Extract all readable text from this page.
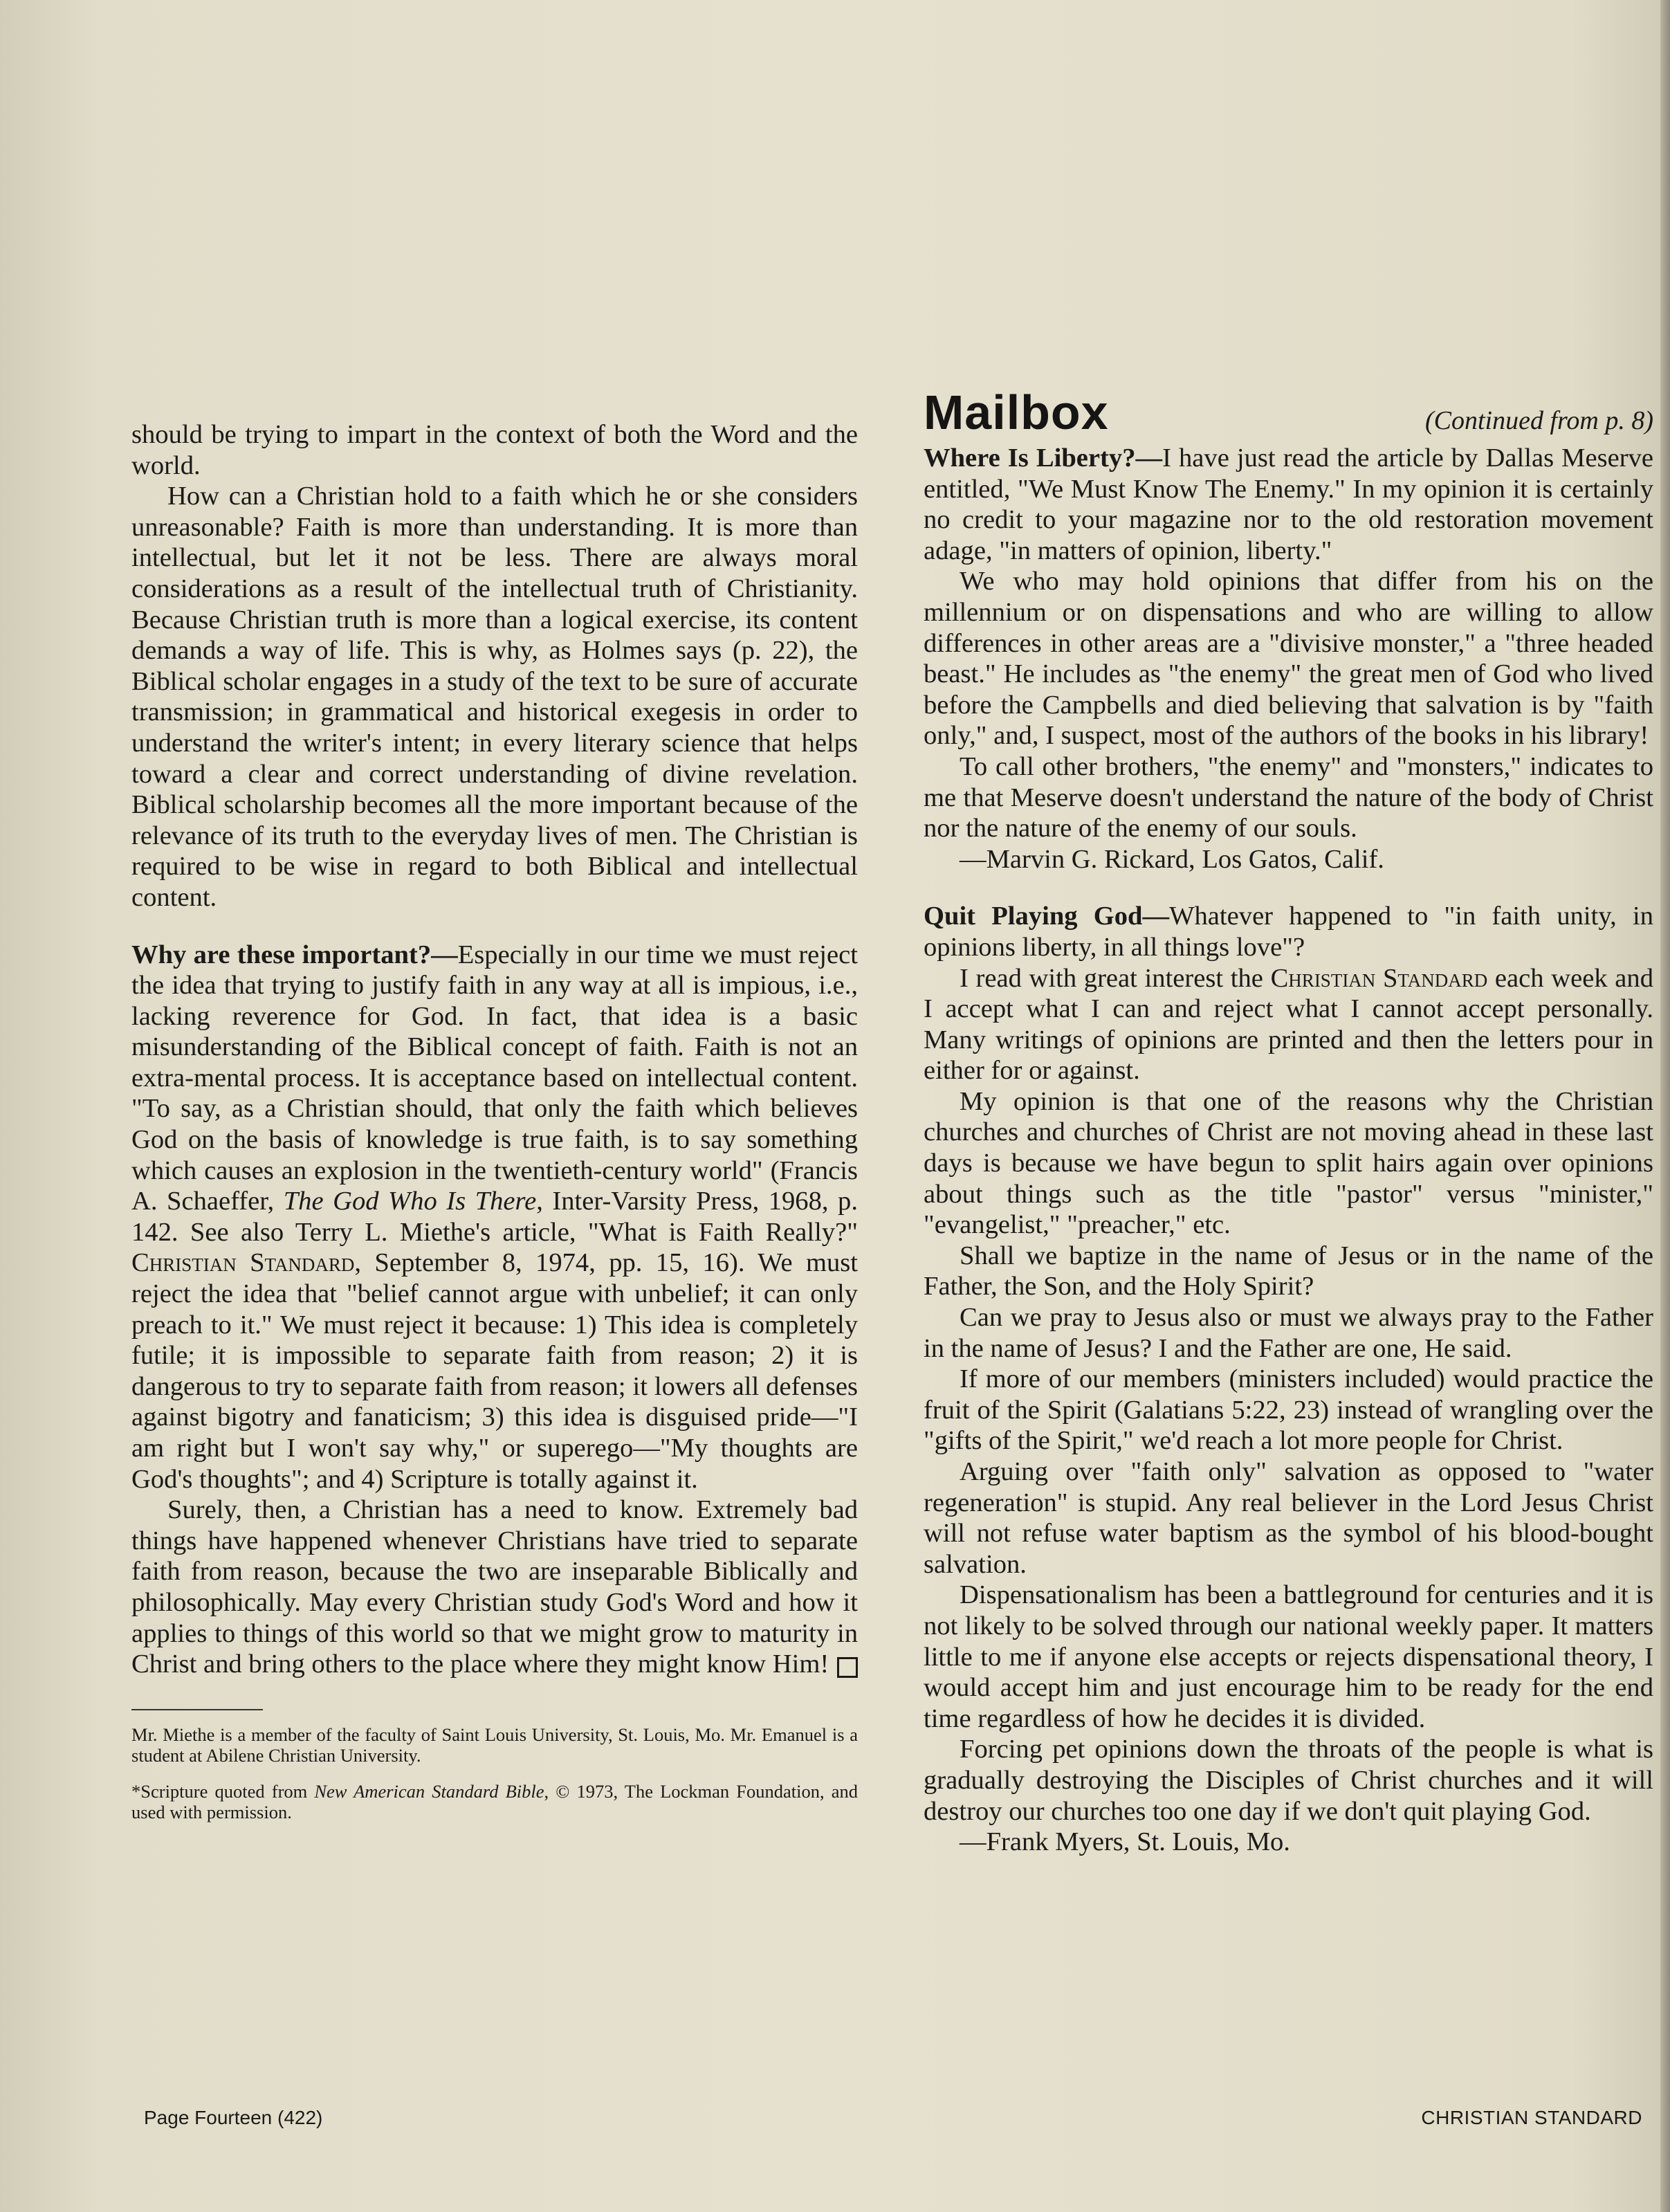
should be trying to impart in the context of both the Word and the world.

How can a Christian hold to a faith which he or she considers unreasonable? Faith is more than understanding. It is more than intellectual, but let it not be less. There are always moral considerations as a result of the intellectual truth of Christianity. Because Christian truth is more than a logical exercise, its content demands a way of life. This is why, as Holmes says (p. 22), the Biblical scholar engages in a study of the text to be sure of accurate transmission; in grammatical and historical exegesis in order to understand the writer's intent; in every literary science that helps toward a clear and correct understanding of divine revelation. Biblical scholarship becomes all the more important because of the relevance of its truth to the everyday lives of men. The Christian is required to be wise in regard to both Biblical and intellectual content.

Why are these important?—Especially in our time we must reject the idea that trying to justify faith in any way at all is impious, i.e., lacking reverence for God. In fact, that idea is a basic misunderstanding of the Biblical concept of faith. Faith is not an extra-mental process. It is acceptance based on intellectual content. "To say, as a Christian should, that only the faith which believes God on the basis of knowledge is true faith, is to say something which causes an explosion in the twentieth-century world" (Francis A. Schaeffer, The God Who Is There, Inter-Varsity Press, 1968, p. 142. See also Terry L. Miethe's article, "What is Faith Really?" Christian Standard, September 8, 1974, pp. 15, 16). We must reject the idea that "belief cannot argue with unbelief; it can only preach to it." We must reject it because: 1) This idea is completely futile; it is impossible to separate faith from reason; 2) it is dangerous to try to separate faith from reason; it lowers all defenses against bigotry and fanaticism; 3) this idea is disguised pride—"I am right but I won't say why," or superego—"My thoughts are God's thoughts"; and 4) Scripture is totally against it.

Surely, then, a Christian has a need to know. Extremely bad things have happened whenever Christians have tried to separate faith from reason, because the two are inseparable Biblically and philosophically. May every Christian study God's Word and how it applies to things of this world so that we might grow to maturity in Christ and bring others to the place where they might know Him!

Mr. Miethe is a member of the faculty of Saint Louis University, St. Louis, Mo. Mr. Emanuel is a student at Abilene Christian University.

*Scripture quoted from New American Standard Bible, © 1973, The Lockman Foundation, and used with permission.

Mailbox	(Continued from p. 8)

Where Is Liberty?—I have just read the article by Dallas Meserve entitled, "We Must Know The Enemy." In my opinion it is certainly no credit to your magazine nor to the old restoration movement adage, "in matters of opinion, liberty."

We who may hold opinions that differ from his on the millennium or on dispensations and who are willing to allow differences in other areas are a "divisive monster," a "three headed beast." He includes as "the enemy" the great men of God who lived before the Campbells and died believing that salvation is by "faith only," and, I suspect, most of the authors of the books in his library!

To call other brothers, "the enemy" and "monsters," indicates to me that Meserve doesn't understand the nature of the body of Christ nor the nature of the enemy of our souls.

—Marvin G. Rickard, Los Gatos, Calif.

Quit Playing God—Whatever happened to "in faith unity, in opinions liberty, in all things love"?

I read with great interest the Christian Standard each week and I accept what I can and reject what I cannot accept personally. Many writings of opinions are printed and then the letters pour in either for or against.

My opinion is that one of the reasons why the Christian churches and churches of Christ are not moving ahead in these last days is because we have begun to split hairs again over opinions about things such as the title "pastor" versus "minister," "evangelist," "preacher," etc.

Shall we baptize in the name of Jesus or in the name of the Father, the Son, and the Holy Spirit?

Can we pray to Jesus also or must we always pray to the Father in the name of Jesus? I and the Father are one, He said.

If more of our members (ministers included) would practice the fruit of the Spirit (Galatians 5:22, 23) instead of wrangling over the "gifts of the Spirit," we'd reach a lot more people for Christ.

Arguing over "faith only" salvation as opposed to "water regeneration" is stupid. Any real believer in the Lord Jesus Christ will not refuse water baptism as the symbol of his blood-bought salvation.

Dispensationalism has been a battleground for centuries and it is not likely to be solved through our national weekly paper. It matters little to me if anyone else accepts or rejects dispensational theory, I would accept him and just encourage him to be ready for the end time regardless of how he decides it is divided.

Forcing pet opinions down the throats of the people is what is gradually destroying the Disciples of Christ churches and it will destroy our churches too one day if we don't quit playing God.

—Frank Myers, St. Louis, Mo.

Page Fourteen (422)	CHRISTIAN STANDARD
